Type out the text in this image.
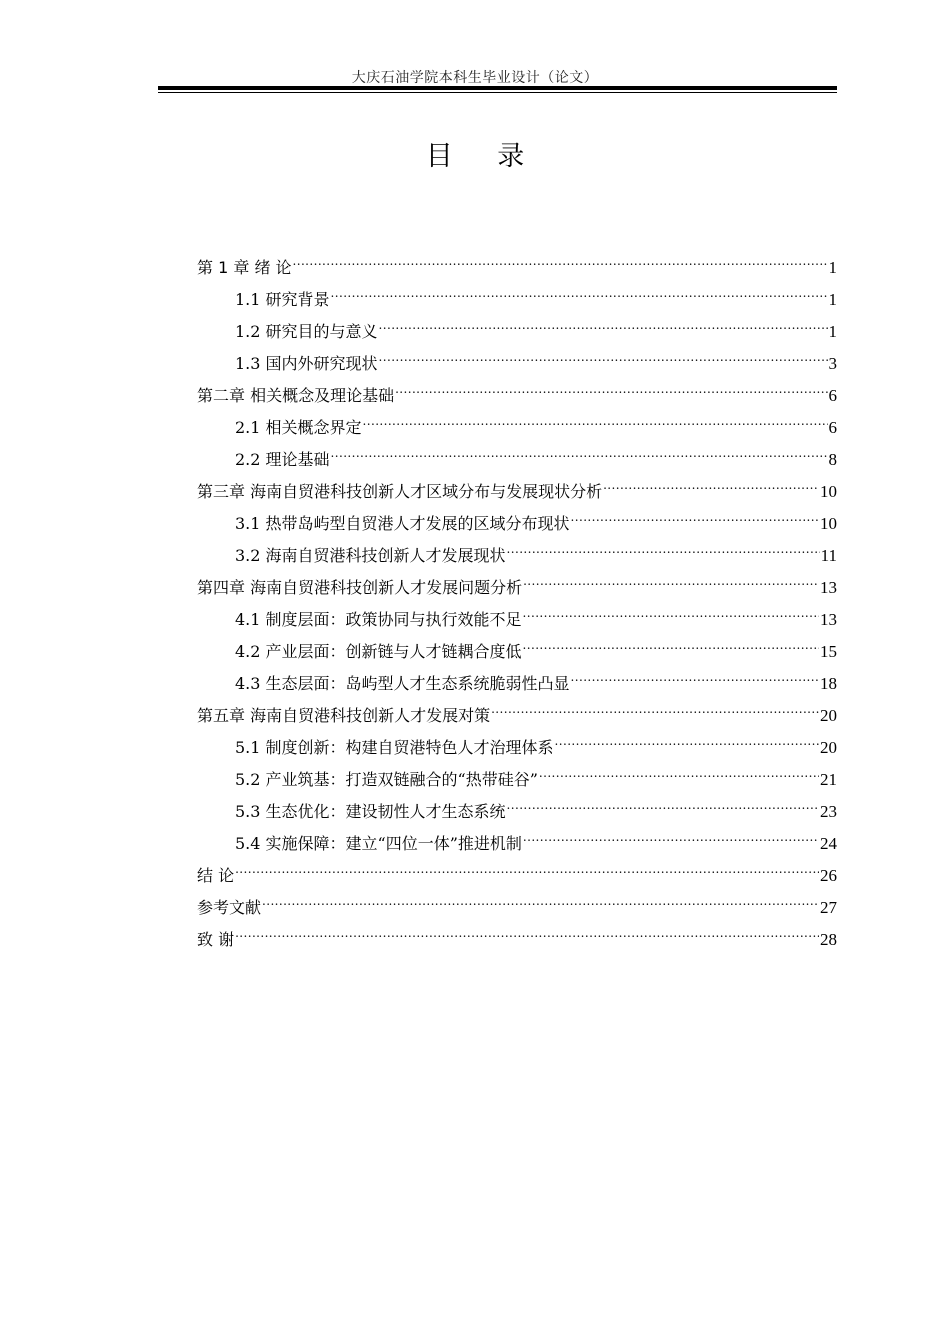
大庆石油学院本科生毕业设计（论文）
目 录
第 1 章 绪 论 .....	1
1.1 研究背景 .....	1
1.2 研究目的与意义 .....	1
1.3 国内外研究现状 .....	3
第二章 相关概念及理论基础 .....	6
2.1 相关概念界定 .....	6
2.2 理论基础 .....	8
第三章 海南自贸港科技创新人才区域分布与发展现状分析 .....	10
3.1 热带岛屿型自贸港人才发展的区域分布现状 .....	10
3.2 海南自贸港科技创新人才发展现状 .....	11
第四章 海南自贸港科技创新人才发展问题分析 .....	13
4.1 制度层面：政策协同与执行效能不足 .....	13
4.2 产业层面：创新链与人才链耦合度低 .....	15
4.3 生态层面：岛屿型人才生态系统脆弱性凸显 .....	18
第五章 海南自贸港科技创新人才发展对策 .....	20
5.1 制度创新：构建自贸港特色人才治理体系 .....	20
5.2 产业筑基：打造双链融合的“热带硅谷” .....	21
5.3 生态优化：建设韧性人才生态系统 .....	23
5.4 实施保障：建立“四位一体”推进机制 .....	24
结 论 .....	26
参考文献 .....	27
致 谢 .....	28
